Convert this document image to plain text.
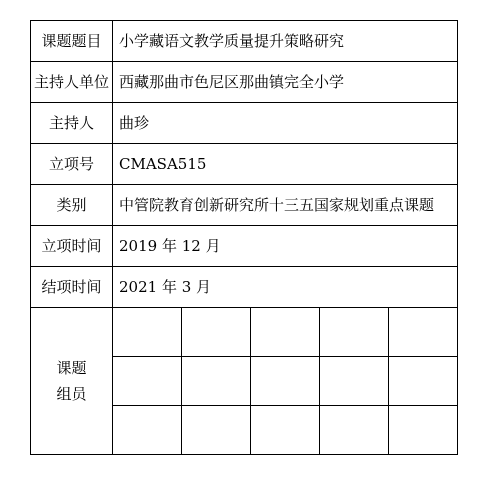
课题题目	小学藏语文教学质量提升策略研究				
主持人单位	西藏那曲市色尼区那曲镇完全小学				
主持人	曲珍				
立项号	CMASA515				
类别	中管院教育创新研究所十三五国家规划重点课题				
立项时间	2019 年 12 月				
结项时间	2021 年 3 月				
课题
组员					
